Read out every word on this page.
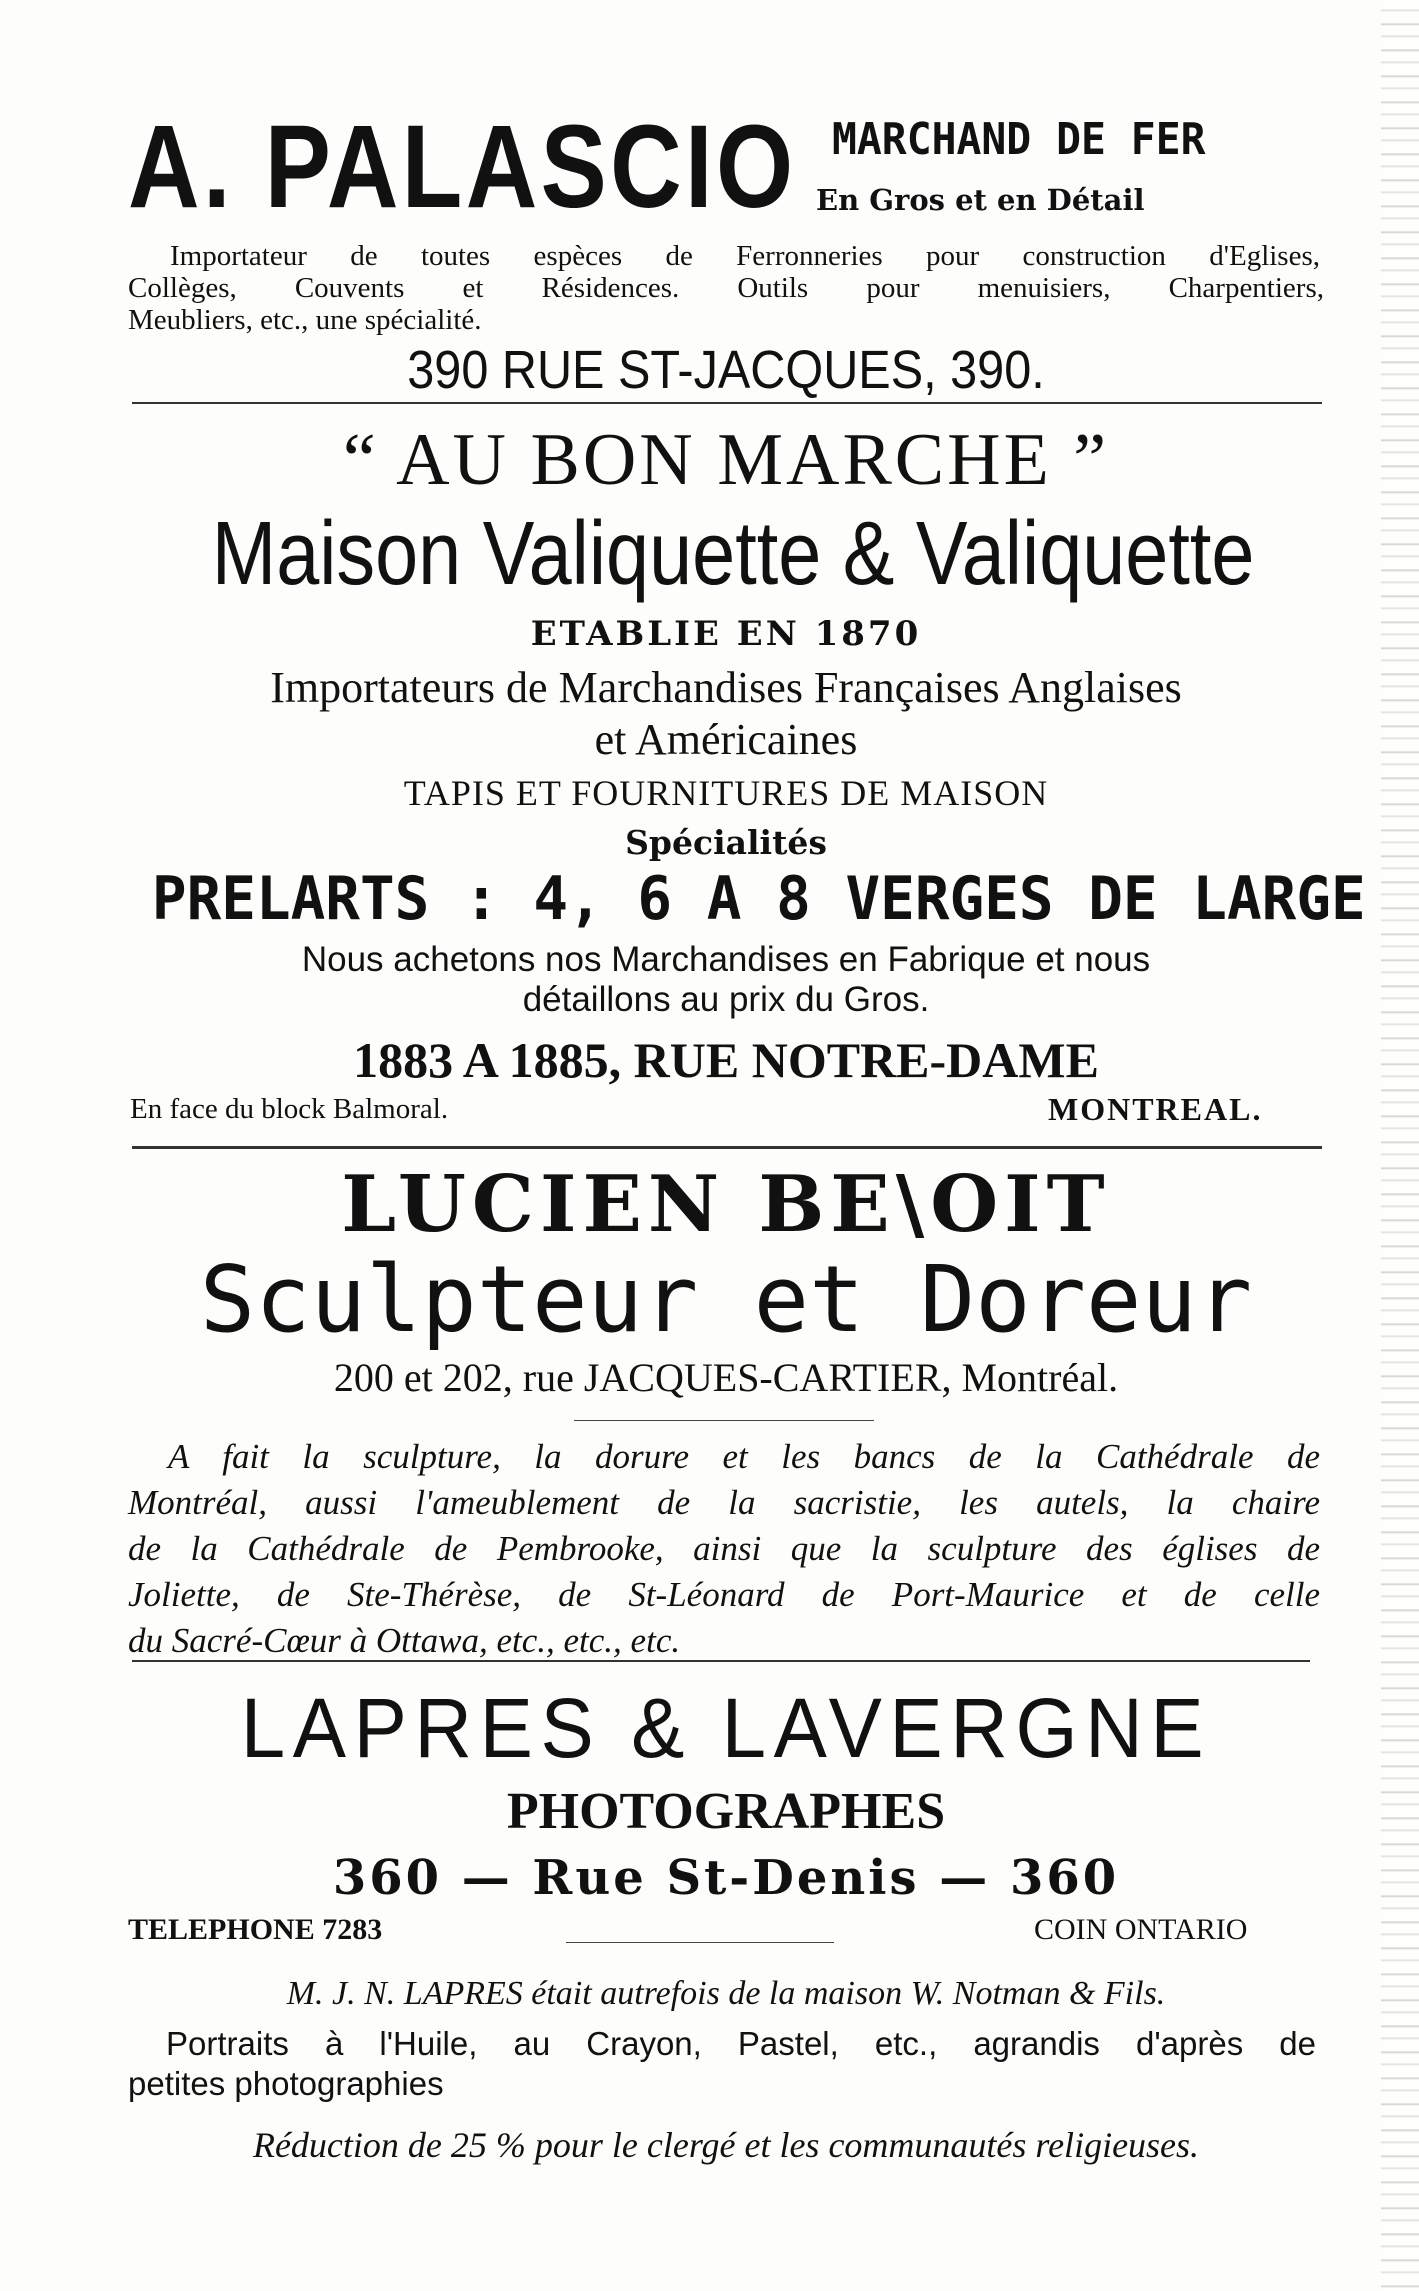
A. PALASCIO MARCHAND DE FER
En Gros et en Détail
Importateur de toutes espèces de Ferronneries pour construction d'Eglises,
Collèges, Couvents et Résidences. Outils pour menuisiers, Charpentiers,
Meubliers, etc., une spécialité.
390 RUE ST-JACQUES, 390.
“ AU BON MARCHE ”
Maison Valiquette & Valiquette
ETABLIE EN 1870
Importateurs de Marchandises Françaises Anglaises
et Américaines
TAPIS ET FOURNITURES DE MAISON
Spécialités
PRELARTS : 4, 6 A 8 VERGES DE LARGE
Nous achetons nos Marchandises en Fabrique et nous
détaillons au prix du Gros.
1883 A 1885, RUE NOTRE-DAME
En face du block Balmoral.	MONTREAL.
LUCIEN BE\OIT
Sculpteur et Doreur
200 et 202, rue JACQUES-CARTIER, Montréal.
A fait la sculpture, la dorure et les bancs de la Cathédrale de
Montréal, aussi l'ameublement de la sacristie, les autels, la chaire
de la Cathédrale de Pembrooke, ainsi que la sculpture des églises de
Joliette, de Ste-Thérèse, de St-Léonard de Port-Maurice et de celle
du Sacré-Cœur à Ottawa, etc., etc., etc.
LAPRES & LAVERGNE
PHOTOGRAPHES
360 — Rue St-Denis — 360
TELEPHONE 7283	COIN ONTARIO
M. J. N. LAPRES était autrefois de la maison W. Notman & Fils.
Portraits à l'Huile, au Crayon, Pastel, etc., agrandis d'après de
petites photographies
Réduction de 25 % pour le clergé et les communautés religieuses.
